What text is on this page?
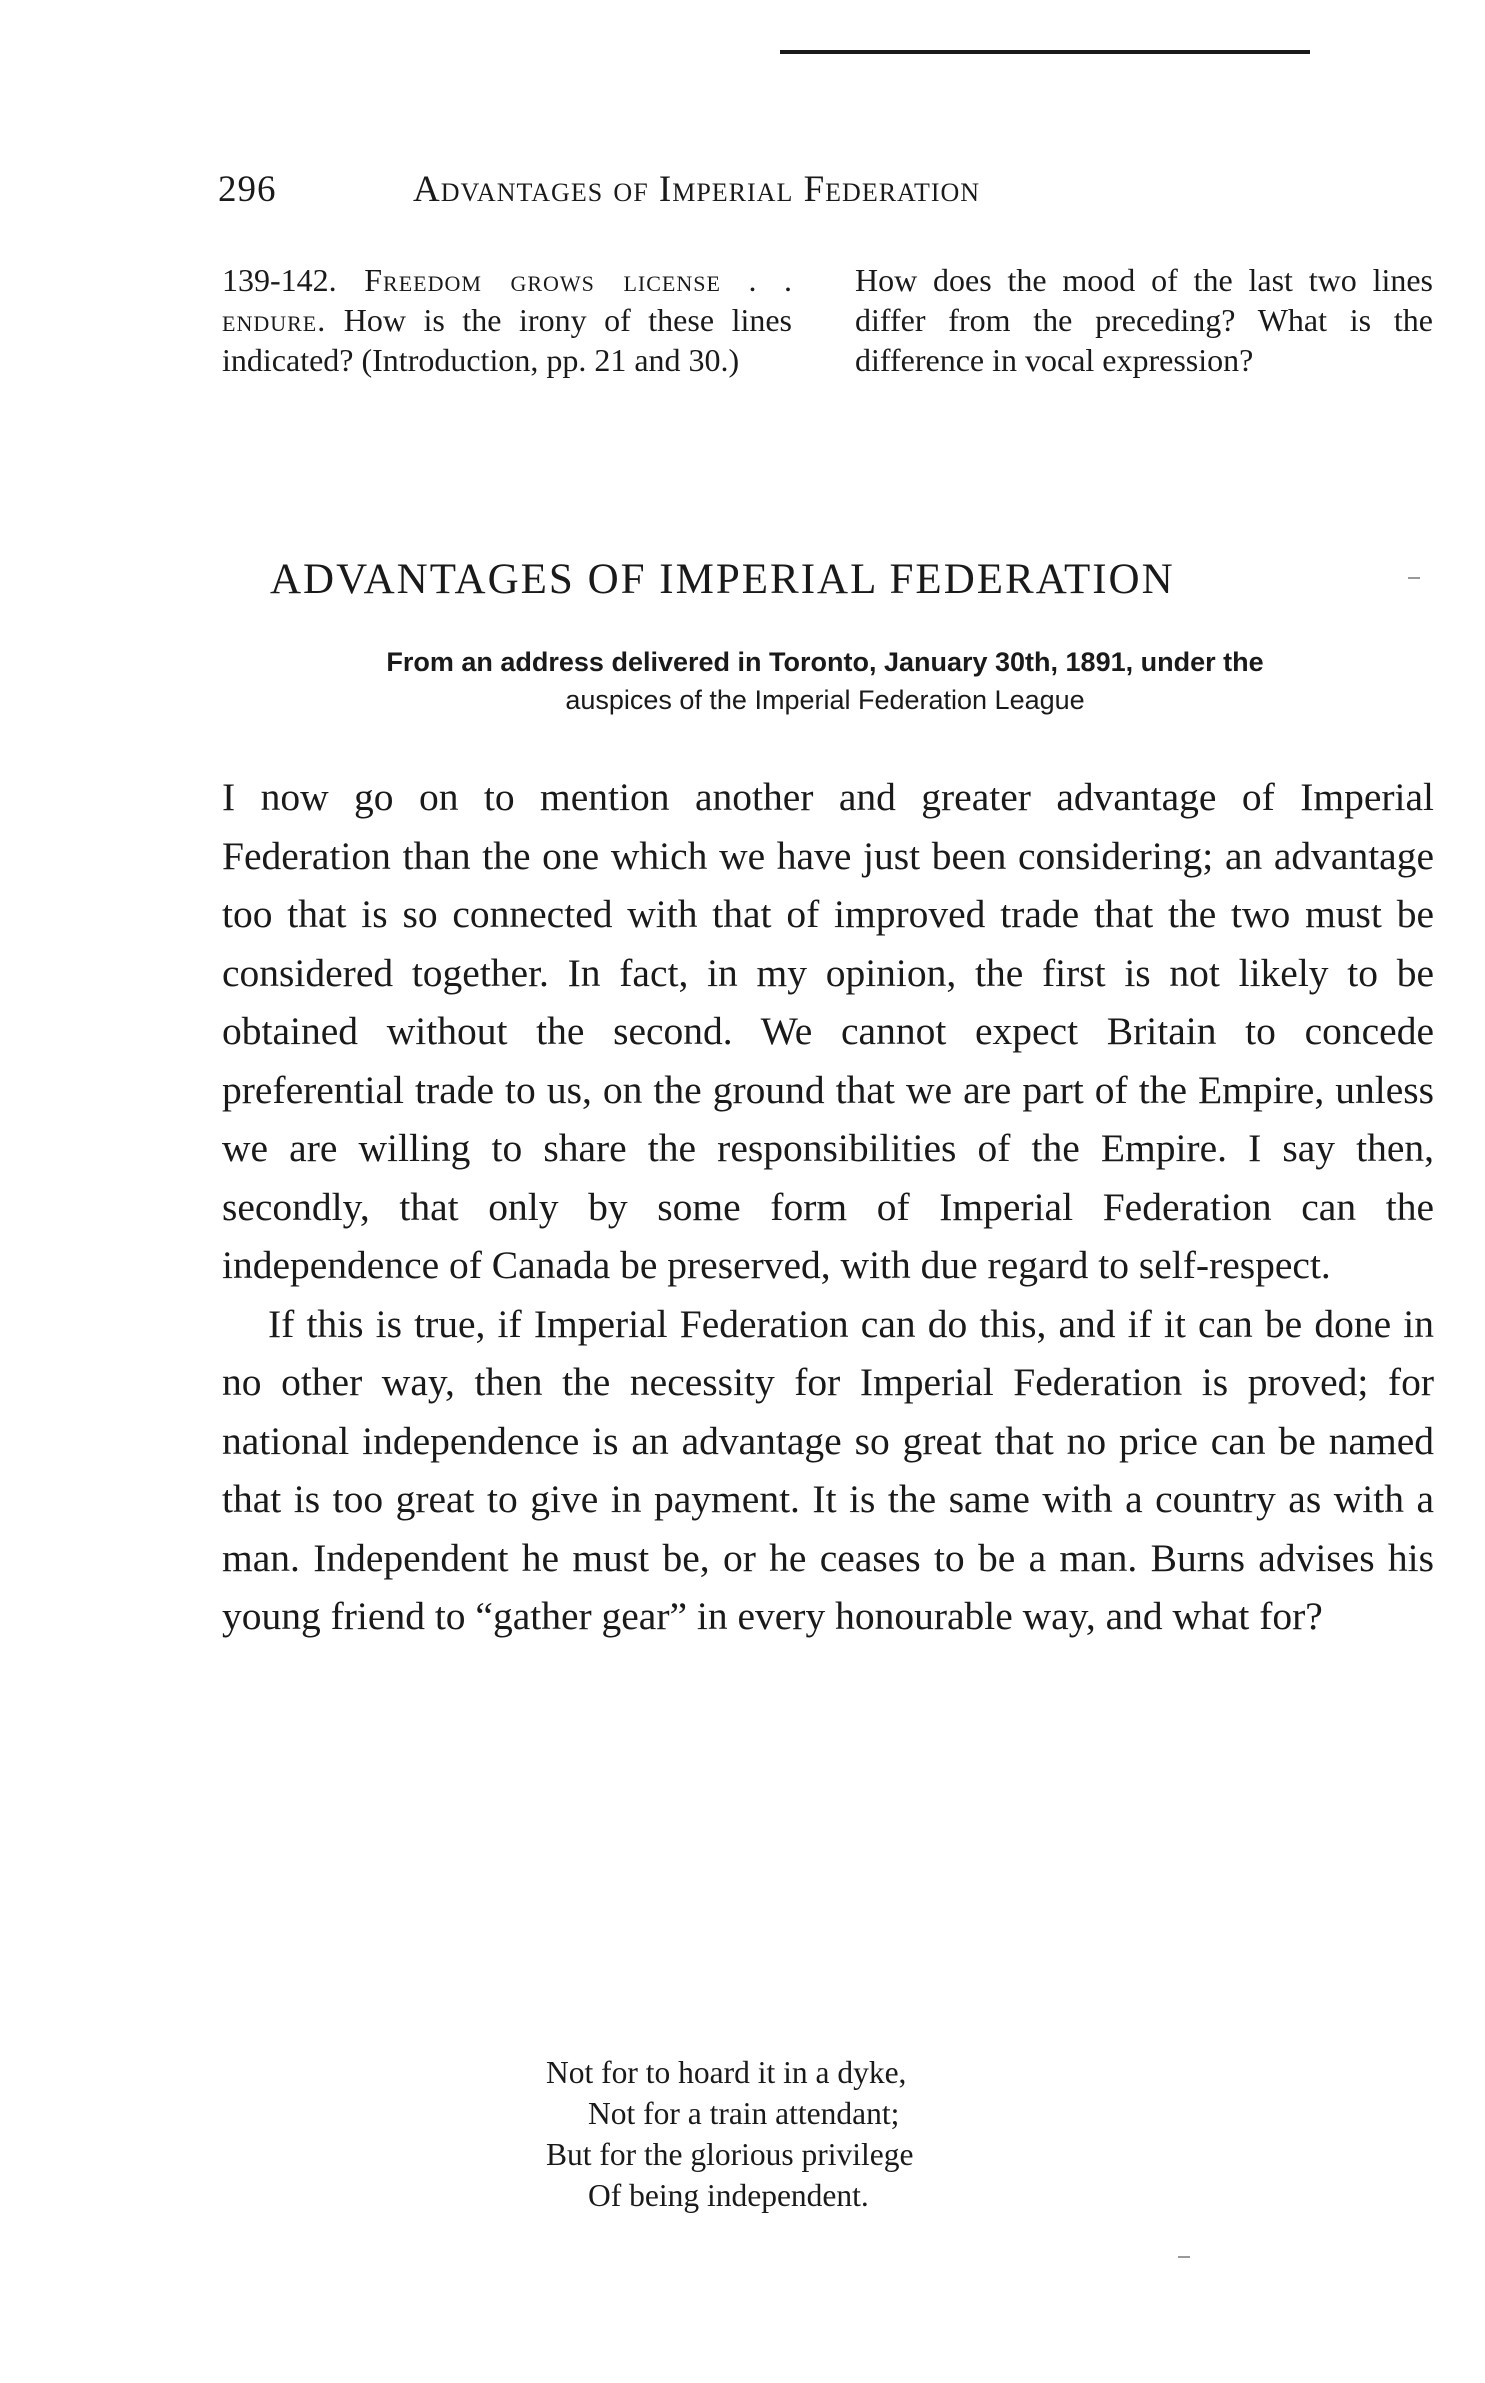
296	Advantages of Imperial Federation
139-142. Freedom grows license . . endure. How is the irony of these lines indicated? (Introduction, pp. 21 and 30.)
How does the mood of the last two lines differ from the preceding? What is the difference in vocal expression?
ADVANTAGES OF IMPERIAL FEDERATION
From an address delivered in Toronto, January 30th, 1891, under the
auspices of the Imperial Federation League

I now go on to mention another and greater advantage of Imperial Federation than the one which we have just been considering; an advantage too that is so connected with that of improved trade that the two must be considered together. In fact, in my opinion, the first is not likely to be obtained without the second. We cannot expect Britain to concede preferential trade to us, on the ground that we are part of the Empire, unless we are willing to share the responsibilities of the Empire. I say then, secondly, that only by some form of Imperial Federation can the independence of Canada be preserved, with due regard to self-respect.

If this is true, if Imperial Federation can do this, and if it can be done in no other way, then the necessity for Imperial Federation is proved; for national independence is an advantage so great that no price can be named that is too great to give in payment. It is the same with a country as with a man. Independent he must be, or he ceases to be a man. Burns advises his young friend to “gather gear” in every honourable way, and what for?

Not for to hoard it in a dyke,
Not for a train attendant;
But for the glorious privilege
Of being independent.
